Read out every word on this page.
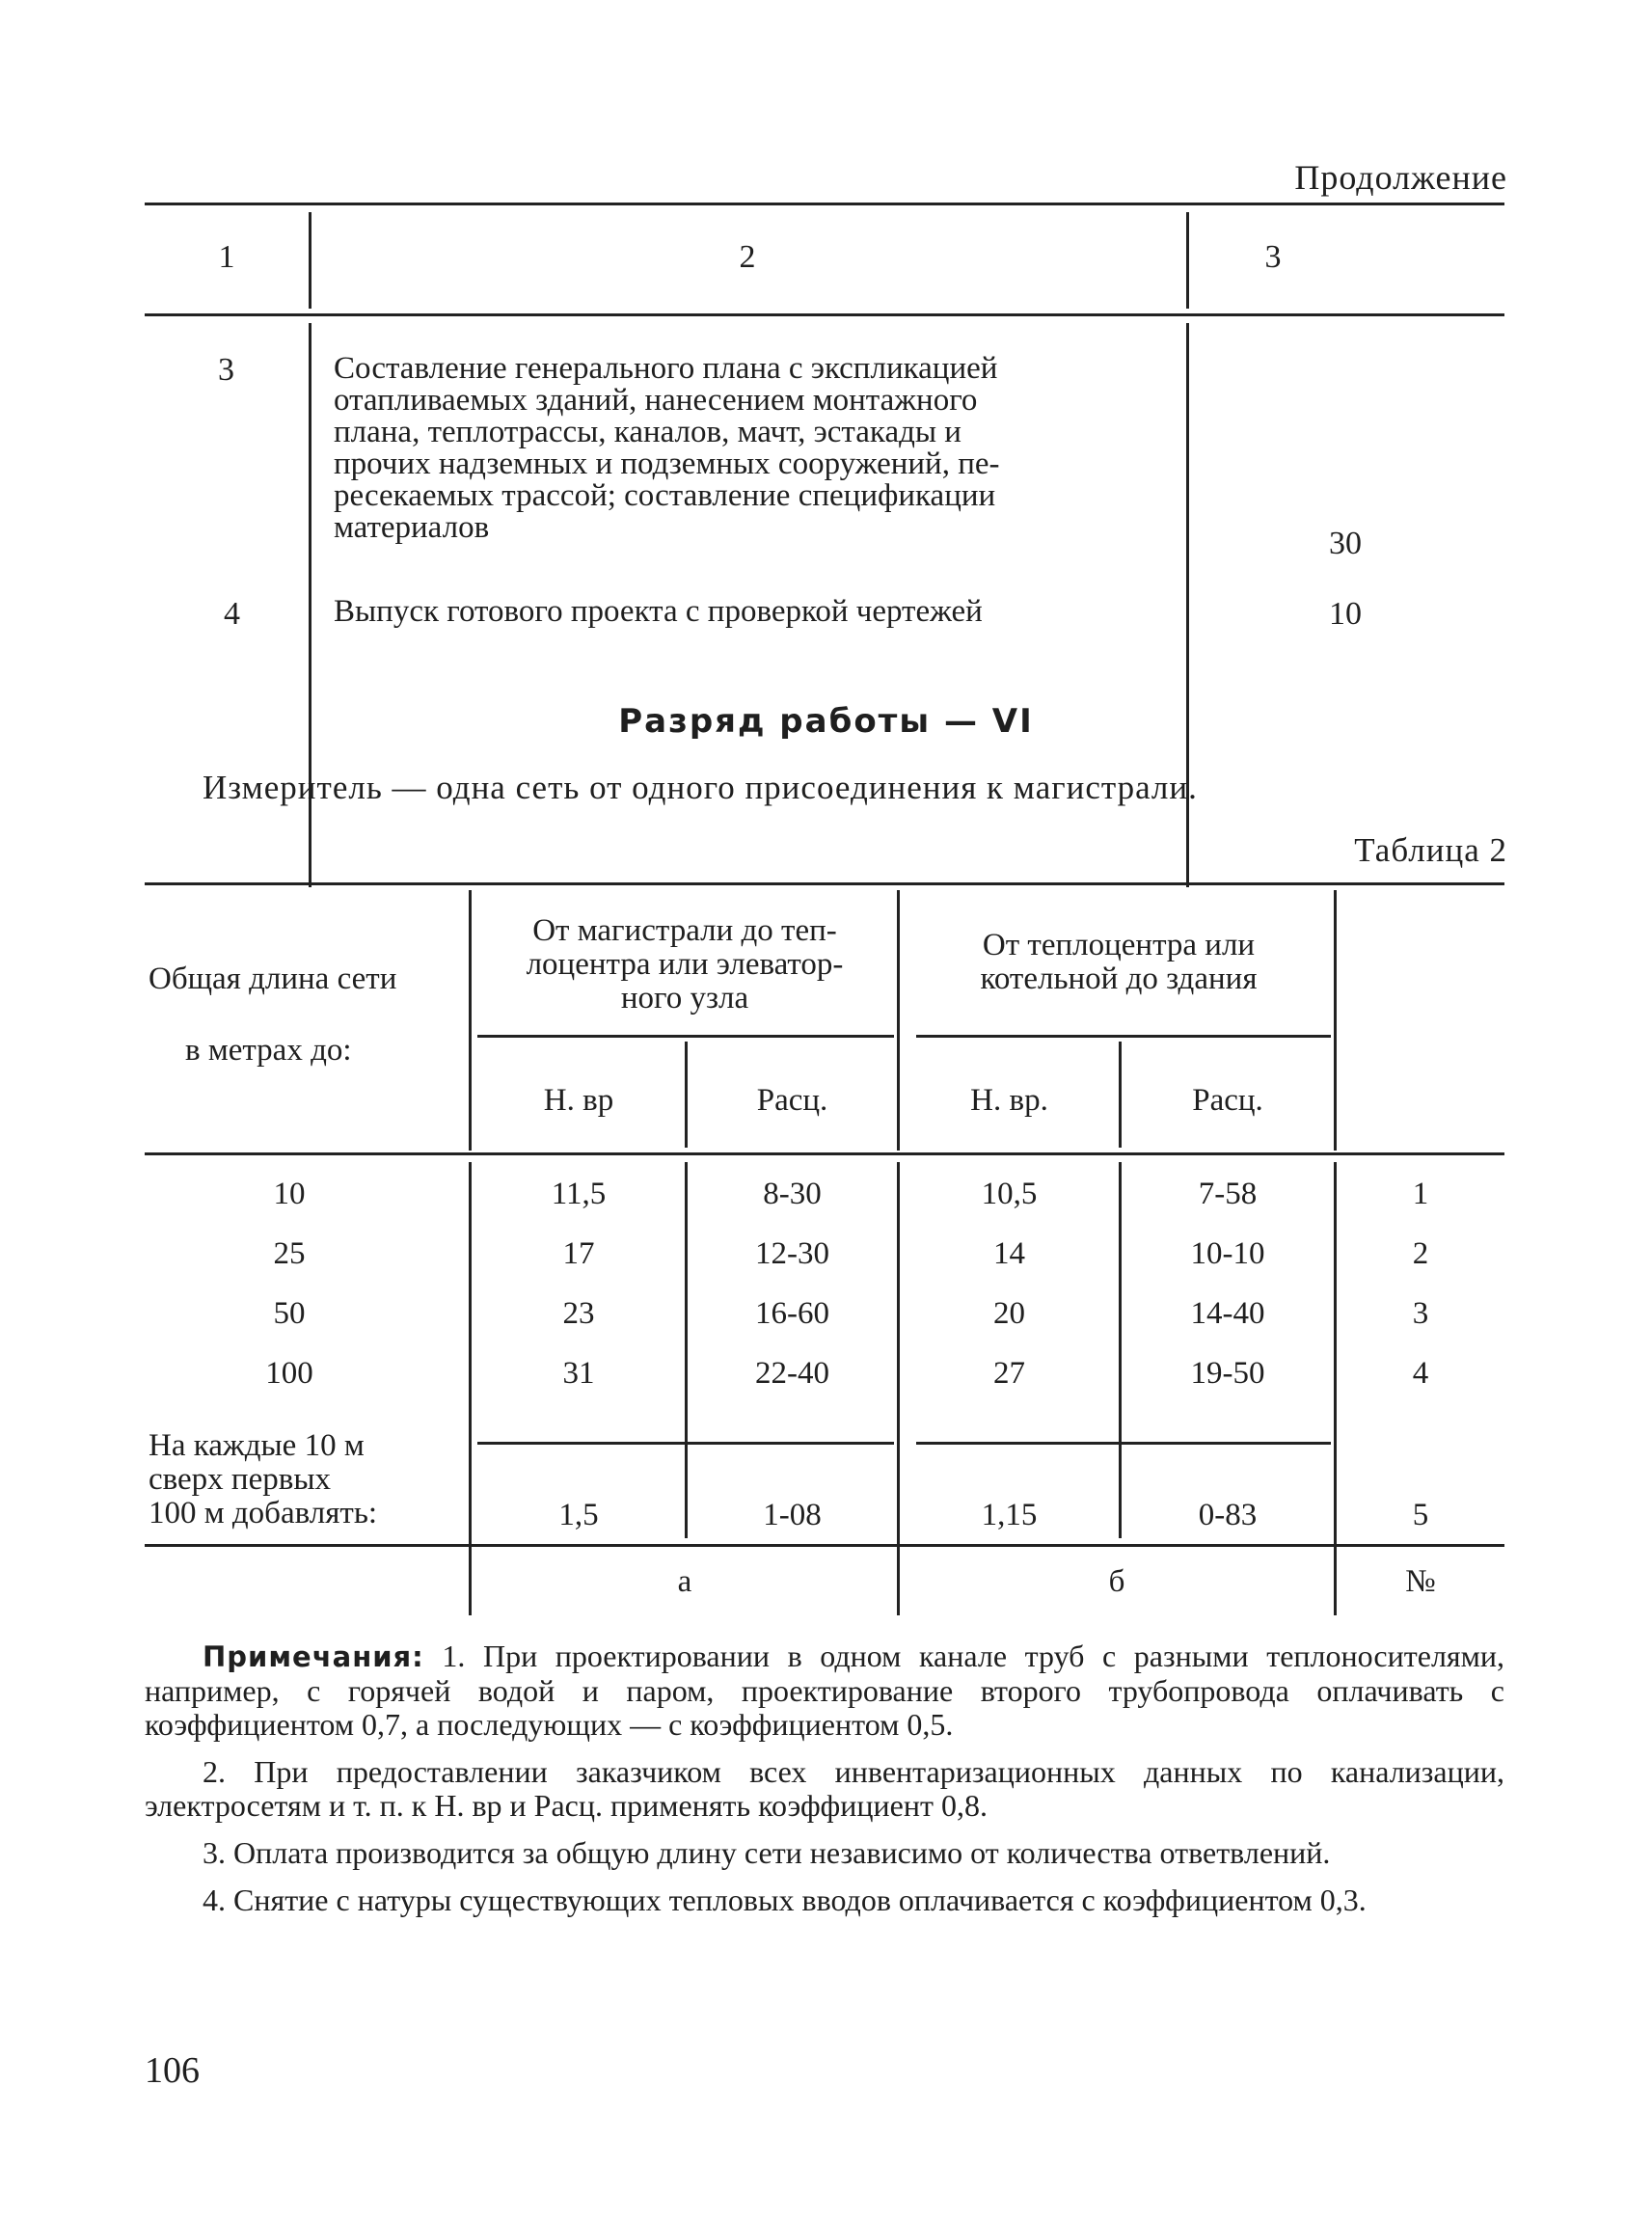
Продолжение
1	2	3
3	Составление генерального плана с экспликацией
отапливаемых зданий, нанесением монтажного
плана, теплотрассы, каналов, мачт, эстакады и
прочих надземных и подземных сооружений, пе-
ресекаемых трассой; составление спецификации
материалов	30
4	Выпуск готового проекта с проверкой чертежей	10
Разряд работы — VI
Измеритель — одна сеть от одного присоединения к магистрали.
Таблица 2
Общая длина сети
в метрах до:
От магистрали до теп-
лоцентра или элеватор-
ного узла
От теплоцентра или
котельной до здания
Н. вр	Расц.	Н. вр.	Расц.
10	11,5	8-30	10,5	7-58	1
25	17	12-30	14	10-10	2
50	23	16-60	20	14-40	3
100	31	22-40	27	19-50	4
На каждые 10 м
сверх первых
100 м добавлять:	1,5	1-08	1,15	0-83	5
а	б	№

Примечания: 1. При проектировании в одном канале труб с разными теплоносителями, например, с горячей водой и паром, проектирование второго трубопровода оплачивать с коэффициентом 0,7, а последующих — с коэффициентом 0,5.

2. При предоставлении заказчиком всех инвентаризационных данных по канализации, электросетям и т. п. к Н. вр и Расц. применять коэффициент 0,8.

3. Оплата производится за общую длину сети независимо от количества ответвлений.

4. Снятие с натуры существующих тепловых вводов оплачивается с коэффициентом 0,3.

106
